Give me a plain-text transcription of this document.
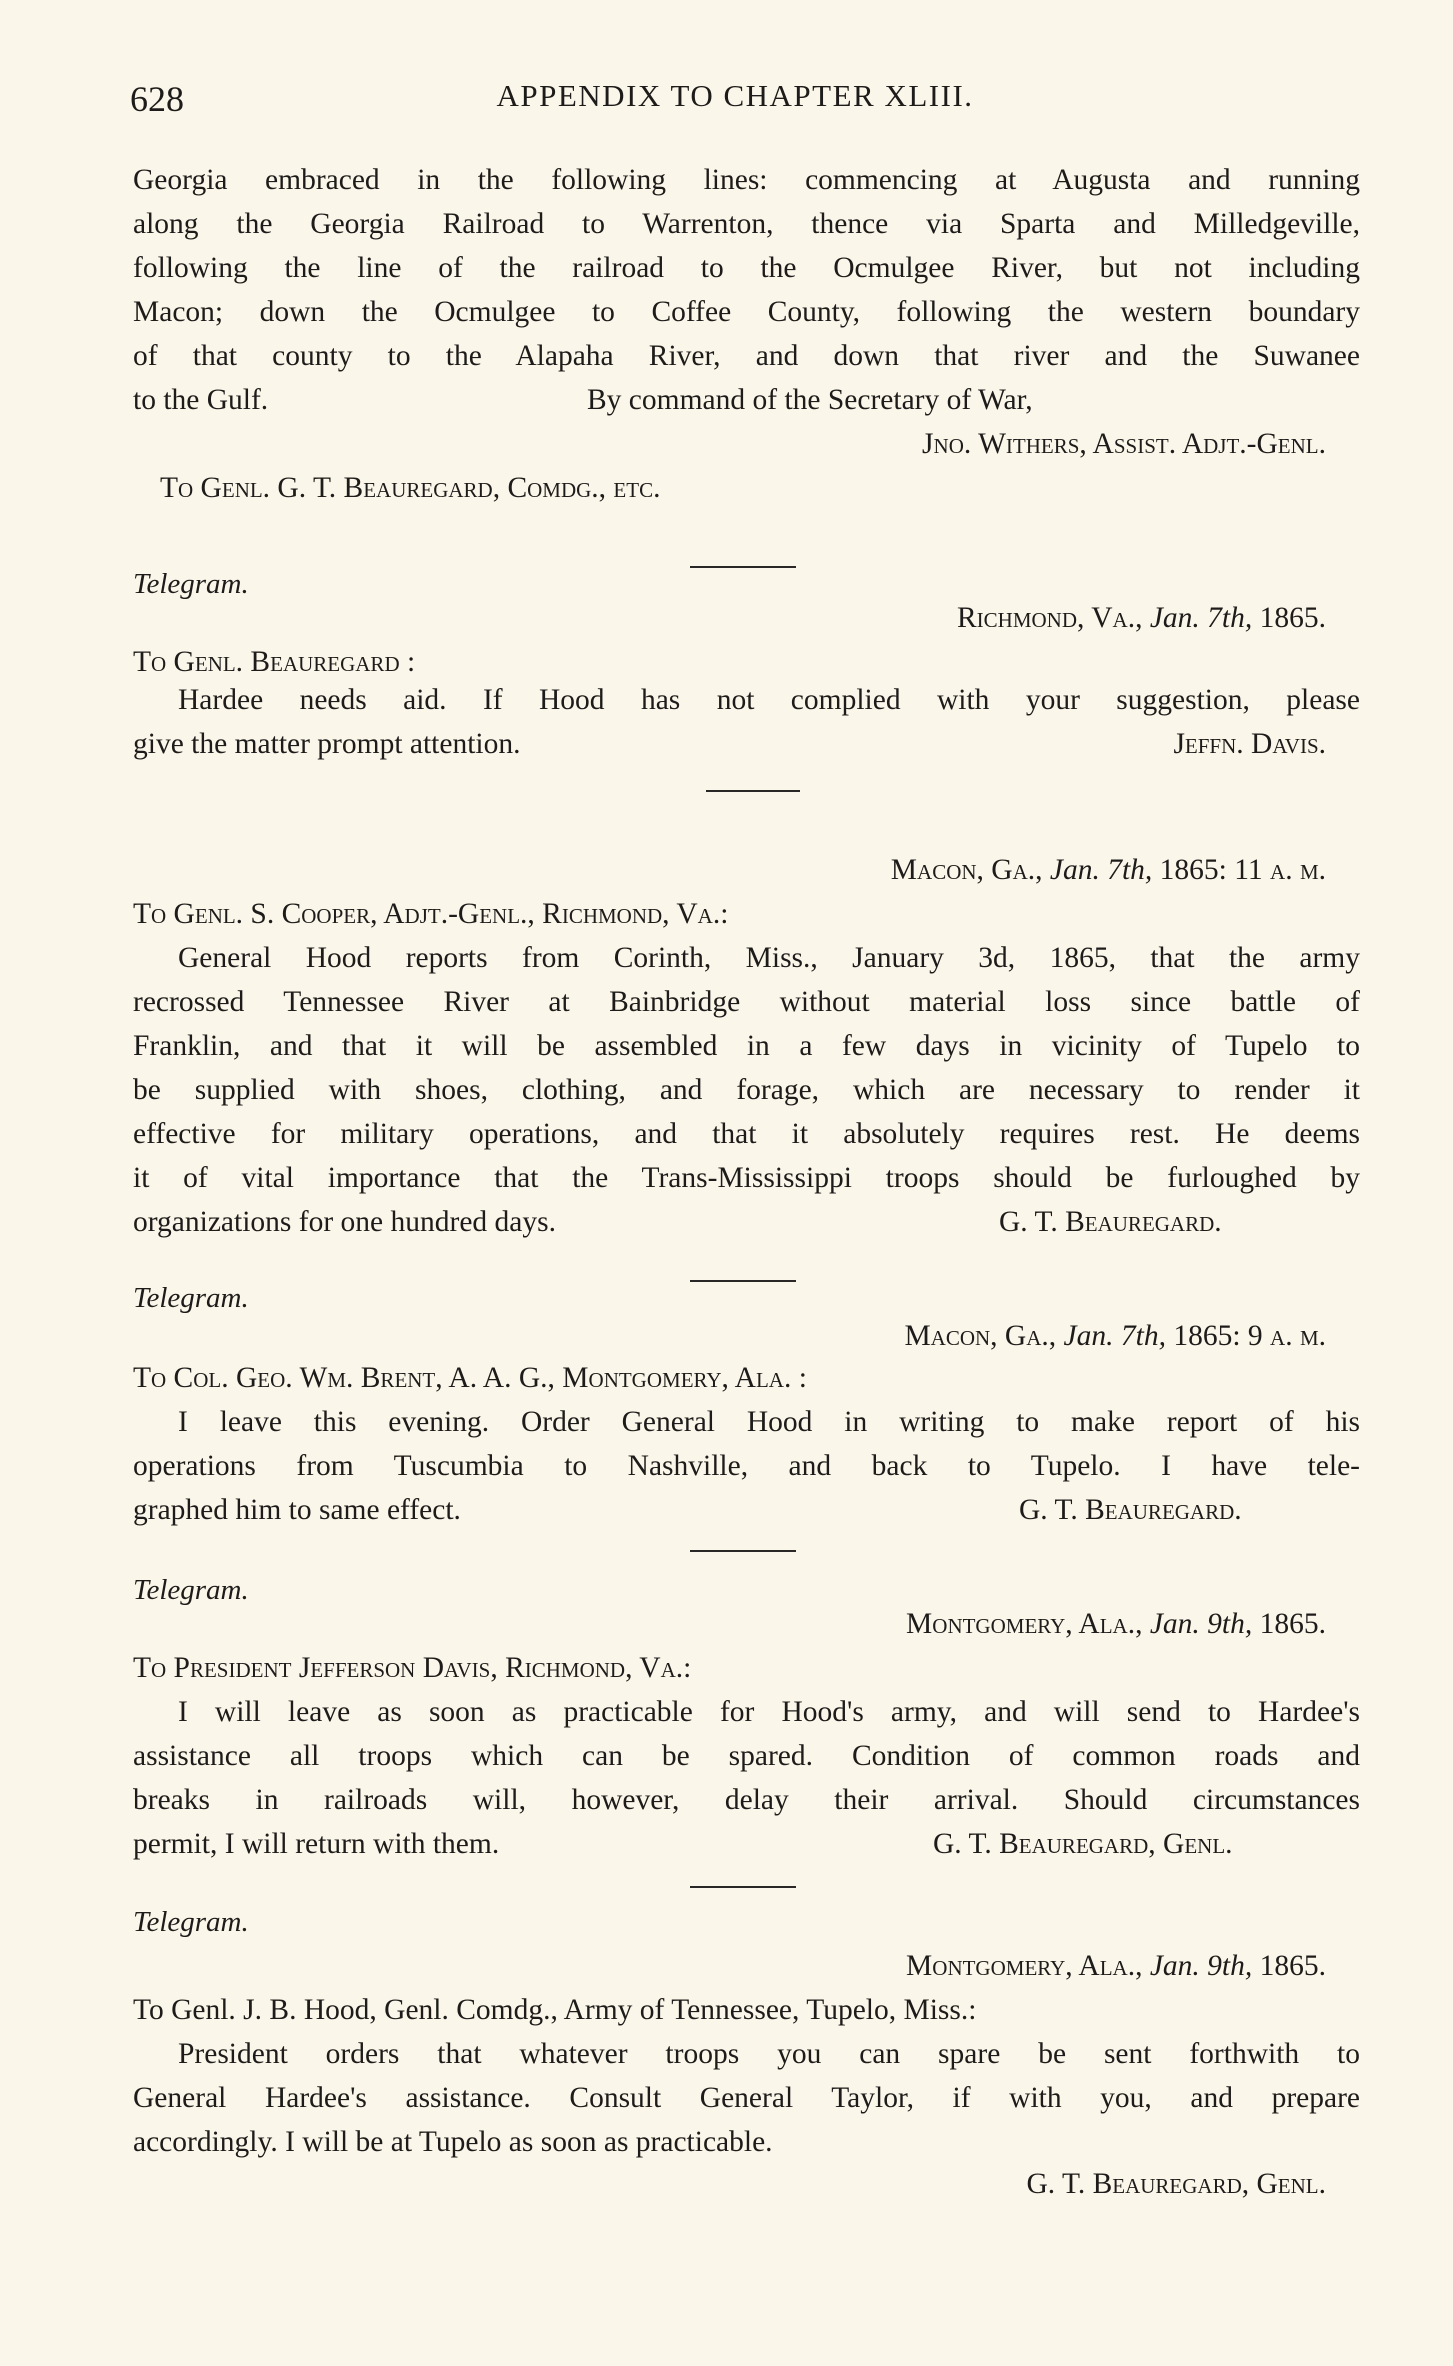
628	APPENDIX TO CHAPTER XLIII.
Georgia embraced in the following lines: commencing at Augusta and running
along the Georgia Railroad to Warrenton, thence via Sparta and Milledgeville,
following the line of the railroad to the Ocmulgee River, but not including
Macon; down the Ocmulgee to Coffee County, following the western boundary
of that county to the Alapaha River, and down that river and the Suwanee
to the Gulf.	By command of the Secretary of War,
Jno. Withers, Assist. Adjt.-Genl.
To Genl. G. T. Beauregard, Comdg., etc.
Telegram.
Richmond, Va., Jan. 7th, 1865.
To Genl. Beauregard :
Hardee needs aid. If Hood has not complied with your suggestion, please
give the matter prompt attention.	Jeffn. Davis.
Macon, Ga., Jan. 7th, 1865: 11 a. m.
To Genl. S. Cooper, Adjt.-Genl., Richmond, Va.:
General Hood reports from Corinth, Miss., January 3d, 1865, that the army
recrossed Tennessee River at Bainbridge without material loss since battle of
Franklin, and that it will be assembled in a few days in vicinity of Tupelo to
be supplied with shoes, clothing, and forage, which are necessary to render it
effective for military operations, and that it absolutely requires rest. He deems
it of vital importance that the Trans-Mississippi troops should be furloughed by
organizations for one hundred days.	G. T. Beauregard.
Telegram.
Macon, Ga., Jan. 7th, 1865: 9 a. m.
To Col. Geo. Wm. Brent, A. A. G., Montgomery, Ala. :
I leave this evening. Order General Hood in writing to make report of his
operations from Tuscumbia to Nashville, and back to Tupelo. I have tele-
graphed him to same effect.	G. T. Beauregard.
Telegram.
Montgomery, Ala., Jan. 9th, 1865.
To President Jefferson Davis, Richmond, Va.:
I will leave as soon as practicable for Hood's army, and will send to Hardee's
assistance all troops which can be spared. Condition of common roads and
breaks in railroads will, however, delay their arrival. Should circumstances
permit, I will return with them.	G. T. Beauregard, Genl.
Telegram.
Montgomery, Ala., Jan. 9th, 1865.
To Genl. J. B. Hood, Genl. Comdg., Army of Tennessee, Tupelo, Miss.:
President orders that whatever troops you can spare be sent forthwith to
General Hardee's assistance. Consult General Taylor, if with you, and prepare
accordingly. I will be at Tupelo as soon as practicable.
G. T. Beauregard, Genl.
